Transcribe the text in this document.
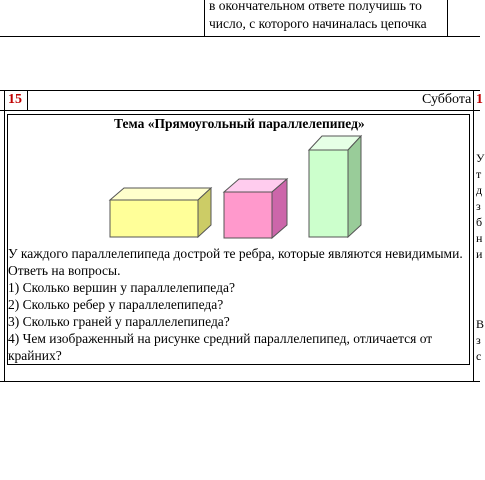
в окончательном ответе получишь то
число, с которого начиналась цепочка
15	Суббота 1
Тема «Прямоугольный параллелепипед»
У каждого параллелепипеда дострой те ребра, которые являются невидимыми.
Ответь на вопросы.
1) Сколько вершин у параллелепипеда?
2) Сколько ребер у параллелепипеда?
3) Сколько граней у параллелепипеда?
4) Чем изображенный на рисунке средний параллелепипед, отличается от
крайних?
У
т
д
з
б
н
и
В
з
с
